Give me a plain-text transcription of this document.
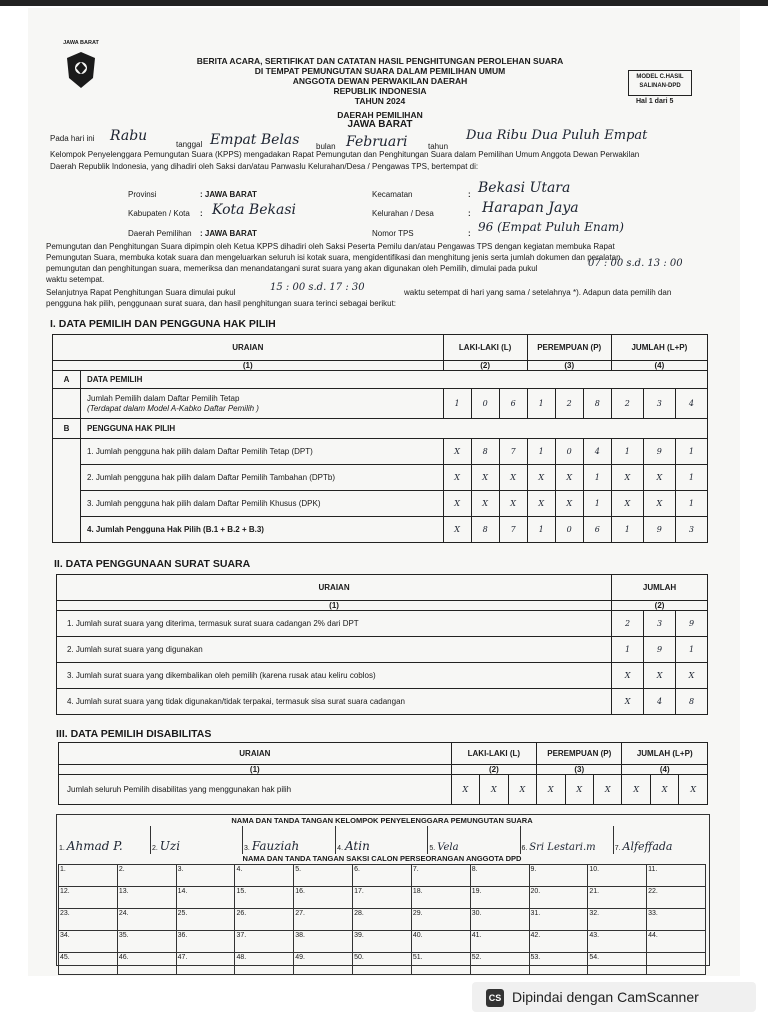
JAWA BARAT
BERITA ACARA, SERTIFIKAT DAN CATATAN HASIL PENGHITUNGAN PEROLEHAN SUARA
DI TEMPAT PEMUNGUTAN SUARA DALAM PEMILIHAN UMUM
ANGGOTA DEWAN PERWAKILAN DAERAH
REPUBLIK INDONESIA
TAHUN 2024
DAERAH PEMILIHAN
JAWA BARAT
MODEL C.HASIL SALINAN-DPD
Hal 1 dari 5
Pada hari ini Rabu
tanggal Empat Belas bulan Februari	tahun
Dua Ribu Dua Puluh Empat
Kelompok Penyelenggara Pemungutan Suara (KPPS) mengadakan Rapat Pemungutan dan Penghitungan Suara dalam Pemilihan Umum Anggota Dewan Perwakilan
Daerah Republik Indonesia, yang dihadiri oleh Saksi dan/atau Panwaslu Kelurahan/Desa / Pengawas TPS, bertempat di:
Provinsi	: JAWA BARAT
Kabupaten / Kota : Kota Bekasi
Daerah Pemilihan : JAWA BARAT
Kecamatan	: Bekasi Utara
Kelurahan / Desa	: Harapan Jaya
Nomor TPS	: 96 (Empat Puluh Enam)
Pemungutan dan Penghitungan Suara dipimpin oleh Ketua KPPS dihadiri oleh Saksi Peserta Pemilu dan/atau Pengawas TPS dengan kegiatan membuka Rapat
Pemungutan Suara, membuka kotak suara dan mengeluarkan seluruh isi kotak suara, mengidentifikasi dan menghitung jenis serta jumlah dokumen dan peralatan
pemungutan dan penghitungan suara, memeriksa dan menandatangani surat suara yang akan digunakan oleh Pemilih, dimulai pada pukul	07 : 00 s.d. 13 : 00
waktu setempat.
Selanjutnya Rapat Penghitungan Suara dimulai pukul	15 : 00 s.d. 17 : 30	waktu setempat di hari yang sama / setelahnya *). Adapun data pemilih dan
pengguna hak pilih, penggunaan surat suara, dan hasil penghitungan suara terinci sebagai berikut:
I. DATA PEMILIH DAN PENGGUNA HAK PILIH
URAIAN		LAKI-LAKI (L)			PEREMPUAN (P)			JUMLAH (L+P)		
(1)		(2)			(3)			(4)		
A	DATA PEMILIH									

	Jumlah Pemilih dalam Daftar Pemilih Tetap
(Terdapat dalam Model A-Kabko Daftar Pemilih )	1	0	6	1	2	8	2	3	4
B	PENGGUNA HAK PILIH									
	1. Jumlah pengguna hak pilih dalam Daftar Pemilih Tetap (DPT)	X	8	7	1	0	4	1	9	1
	2. Jumlah pengguna hak pilih dalam Daftar Pemilih Tambahan (DPTb)	X	X	X	X	X	1	X	X	1
	3. Jumlah pengguna hak pilih dalam Daftar Pemilih Khusus (DPK)	X	X	X	X	X	1	X	X	1
	4. Jumlah Pengguna Hak Pilih (B.1 + B.2 + B.3)	X	8	7	1	0	6	1	9	3
II. DATA PENGGUNAAN SURAT SUARA
URAIAN	JUMLAH		
(1)	(2)		
1. Jumlah surat suara yang diterima, termasuk surat suara cadangan 2% dari DPT	2	3	9
2. Jumlah surat suara yang digunakan	1	9	1
3. Jumlah surat suara yang dikembalikan oleh pemilih (karena rusak atau keliru coblos)	X	X	X
4. Jumlah surat suara yang tidak digunakan/tidak terpakai, termasuk sisa surat suara cadangan	X	4	8
III. DATA PEMILIH DISABILITAS
URAIAN	LAKI-LAKI (L)			PEREMPUAN (P)			JUMLAH (L+P)		
(1)	(2)			(3)			(4)		
Jumlah seluruh Pemilih disabilitas yang menggunakan hak pilih	X	X	X	X	X	X	X	X	X
NAMA DAN TANDA TANGAN KELOMPOK PENYELENGGARA PEMUNGUTAN SUARA
1. Ahmad P.	2. Uzi	3. Fauziah	4. Atin	5. Vela	6. Sri Lestari.m	7. Alfeffada
NAMA DAN TANDA TANGAN SAKSI CALON PERSEORANGAN ANGGOTA DPD
1.	2.	3.	4.	5.	6.	7.	8.	9.	10.	11.
12.	13.	14.	15.	16.	17.	18.	19.	20.	21.	22.
23.	24.	25.	26.	27.	28.	29.	30.	31.	32.	33.
34.	35.	36.	37.	38.	39.	40.	41.	42.	43.	44.
45.	46.	47.	48.	49.	50.	51.	52.	53.	54.	
CS Dipindai dengan CamScanner
